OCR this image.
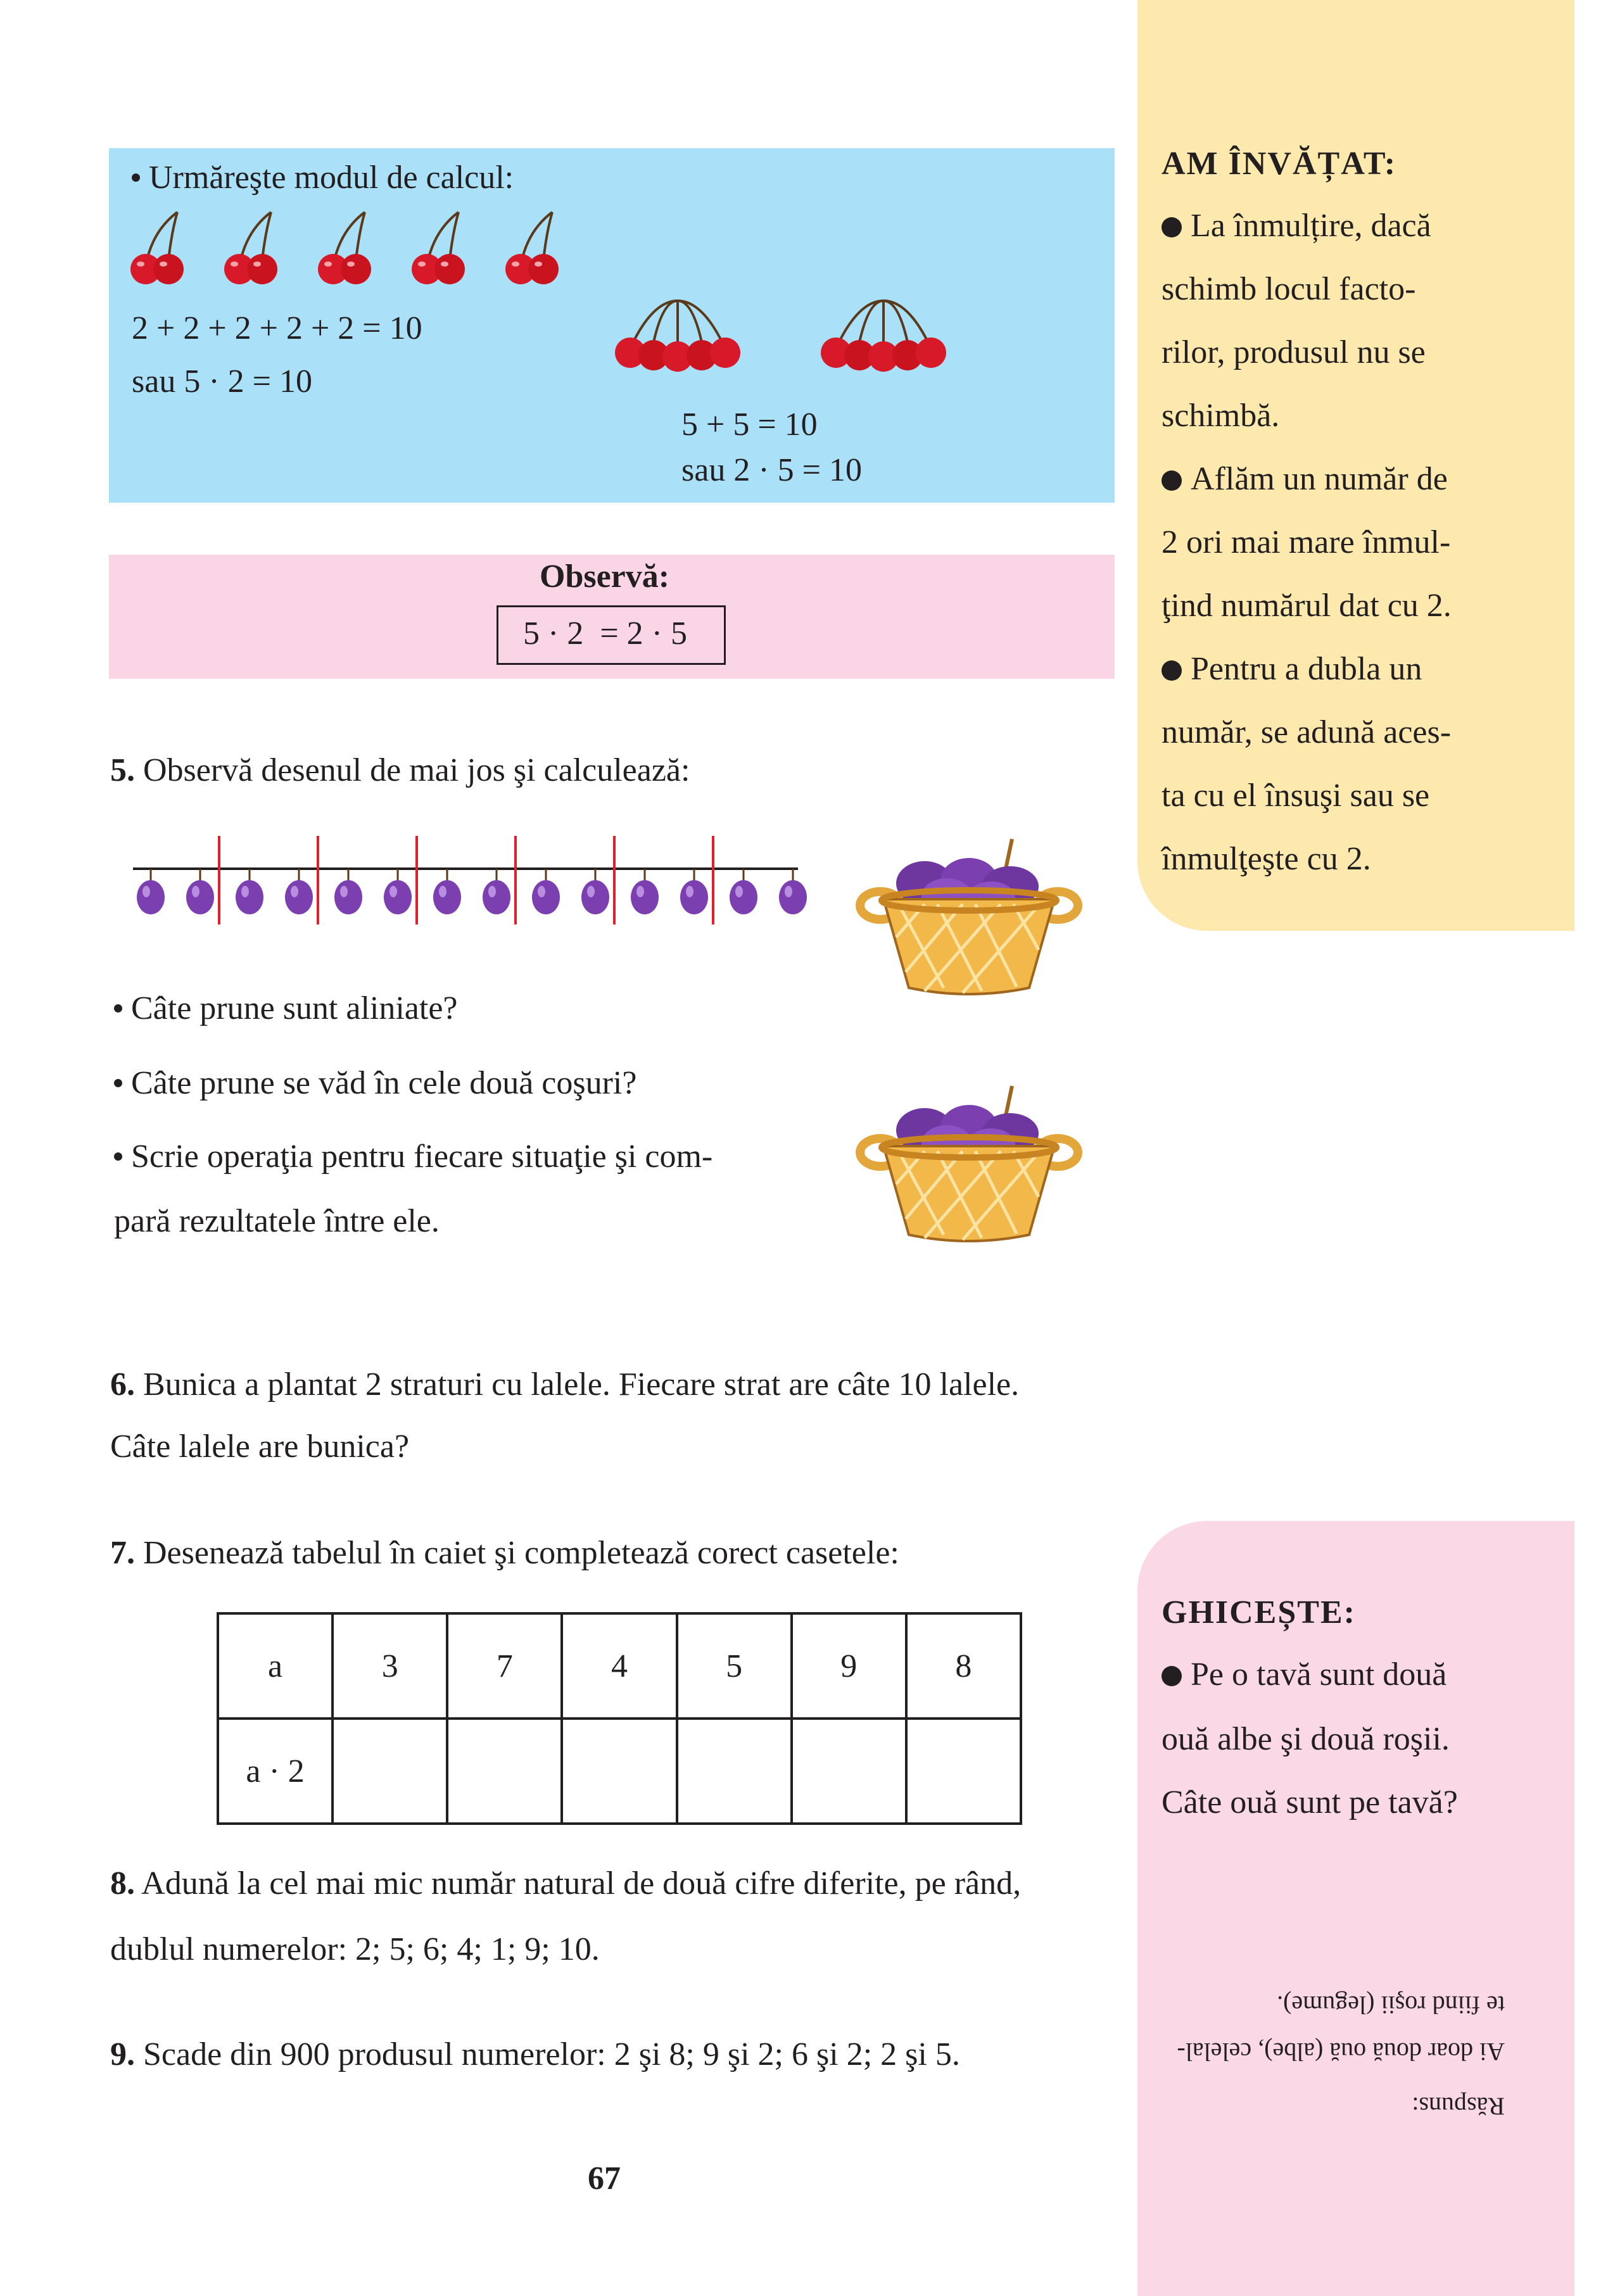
Urmăreşte modul de calcul:
2 + 2 + 2 + 2 + 2 = 10
sau 5 · 2 = 10
5 + 5 = 10
sau 2 · 5 = 10
Observă:
5 · 2  = 2 · 5
AM ÎNVĂȚAT:
La înmulțire, dacă
schimb locul facto-
rilor, produsul nu se
schimbă.
Aflăm un număr de
2 ori mai mare înmul-
ţind numărul dat cu 2.
Pentru a dubla un
număr, se adună aces-
ta cu el însuşi sau se
înmulţeşte cu 2.
5. Observă desenul de mai jos şi calculează:
Câte prune sunt aliniate?
Câte prune se văd în cele două coşuri?
Scrie operaţia pentru fiecare situaţie şi com-
pară rezultatele între ele.
6. Bunica a plantat 2 straturi cu lalele. Fiecare strat are câte 10 lalele.
Câte lalele are bunica?
7. Desenează tabelul în caiet şi completează corect casetele:
a	3	7	4	5	9	8
a · 2						
8. Adună la cel mai mic număr natural de două cifre diferite, pe rând,
dublul numerelor: 2; 5; 6; 4; 1; 9; 10.
9. Scade din 900 produsul numerelor: 2 şi 8; 9 şi 2; 6 şi 2; 2 şi 5.
GHICEȘTE:
Pe o tavă sunt două
ouă albe şi două roşii.
Câte ouă sunt pe tavă?
Răspuns:
Ai doar două ouă (albe), celelal-
te fiind roşii (legume).
67
